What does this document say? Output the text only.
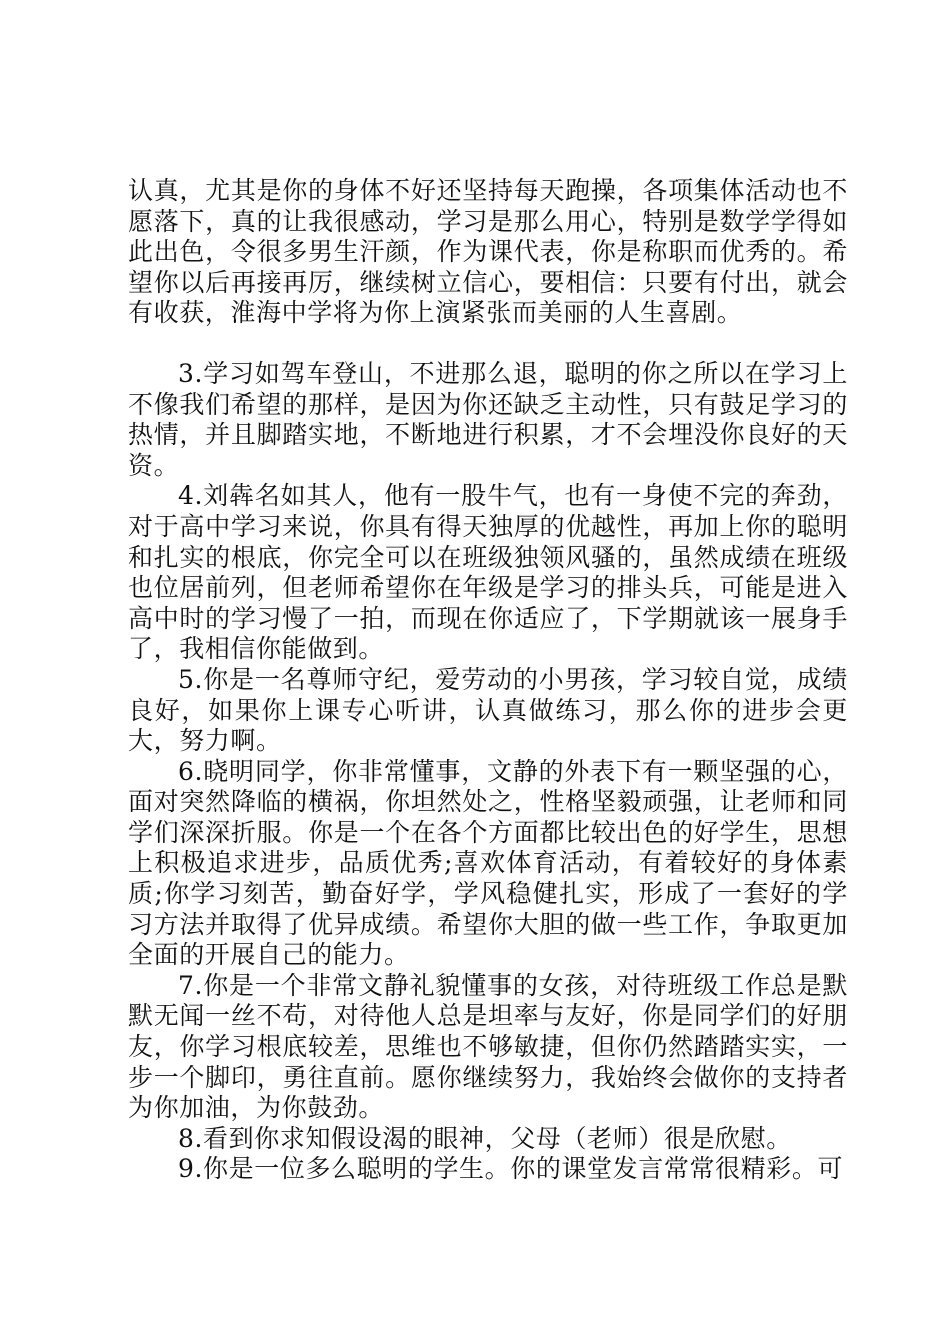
认真，尤其是你的身体不好还坚持每天跑操，各项集体活动也不愿落下，真的让我很感动，学习是那么用心，特别是数学学得如此出色，令很多男生汗颜，作为课代表，你是称职而优秀的。希望你以后再接再厉，继续树立信心，要相信：只要有付出，就会有收获，淮海中学将为你上演紧张而美丽的人生喜剧。

3.学习如驾车登山，不进那么退，聪明的你之所以在学习上不像我们希望的那样，是因为你还缺乏主动性，只有鼓足学习的热情，并且脚踏实地，不断地进行积累，才不会埋没你良好的天资。

4.刘犇名如其人，他有一股牛气，也有一身使不完的奔劲，对于高中学习来说，你具有得天独厚的优越性，再加上你的聪明和扎实的根底，你完全可以在班级独领风骚的，虽然成绩在班级也位居前列，但老师希望你在年级是学习的排头兵，可能是进入高中时的学习慢了一拍，而现在你适应了，下学期就该一展身手了，我相信你能做到。

5.你是一名尊师守纪，爱劳动的小男孩，学习较自觉，成绩良好，如果你上课专心听讲，认真做练习，那么你的进步会更大，努力啊。

6.晓明同学，你非常懂事，文静的外表下有一颗坚强的心，面对突然降临的横祸，你坦然处之，性格坚毅顽强，让老师和同学们深深折服。你是一个在各个方面都比较出色的好学生，思想上积极追求进步，品质优秀;喜欢体育活动，有着较好的身体素质;你学习刻苦，勤奋好学，学风稳健扎实，形成了一套好的学习方法并取得了优异成绩。希望你大胆的做一些工作，争取更加全面的开展自己的能力。

7.你是一个非常文静礼貌懂事的女孩，对待班级工作总是默默无闻一丝不苟，对待他人总是坦率与友好，你是同学们的好朋友，你学习根底较差，思维也不够敏捷，但你仍然踏踏实实，一步一个脚印，勇往直前。愿你继续努力，我始终会做你的支持者为你加油，为你鼓劲。

8.看到你求知假设渴的眼神，父母（老师）很是欣慰。

9.你是一位多么聪明的学生。你的课堂发言常常很精彩。可
